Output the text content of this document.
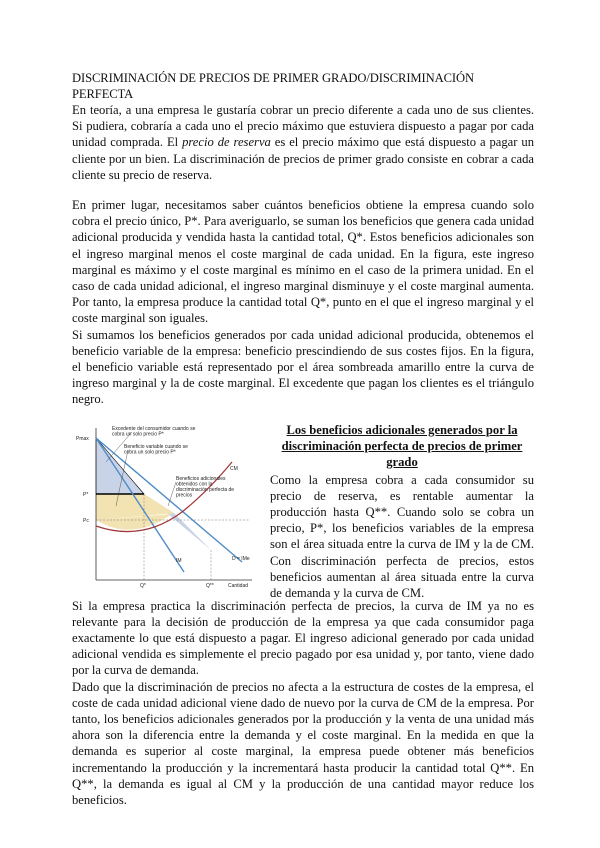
DISCRIMINACIÓN DE PRECIOS DE PRIMER GRADO/DISCRIMINACIÓN PERFECTA

En teoría, a una empresa le gustaría cobrar un precio diferente a cada uno de sus clientes. Si pudiera, cobraría a cada uno el precio máximo que estuviera dispuesto a pagar por cada unidad comprada. El precio de reserva es el precio máximo que está dispuesto a pagar un cliente por un bien. La discriminación de precios de primer grado consiste en cobrar a cada cliente su precio de reserva.

En primer lugar, necesitamos saber cuántos beneficios obtiene la empresa cuando solo cobra el precio único, P*. Para averiguarlo, se suman los beneficios que genera cada unidad adicional producida y vendida hasta la cantidad total, Q*. Estos beneficios adicionales son el ingreso marginal menos el coste marginal de cada unidad. En la figura, este ingreso marginal es máximo y el coste marginal es mínimo en el caso de la primera unidad. En el caso de cada unidad adicional, el ingreso marginal disminuye y el coste marginal aumenta. Por tanto, la empresa produce la cantidad total Q*, punto en el que el ingreso marginal y el coste marginal son iguales.

Si sumamos los beneficios generados por cada unidad adicional producida, obtenemos el beneficio variable de la empresa: beneficio prescindiendo de sus costes fijos. En la figura, el beneficio variable está representado por el área sombreada amarillo entre la curva de ingreso marginal y la de coste marginal. El excedente que pagan los clientes es el triángulo negro.

Pmax
P*
Pc
Q*	Q**	Cantidad
CM
D = IMe
IM
Excedente del consumidor cuando se cobra un solo precio P*
Beneficio variable cuando se cobra un solo precio P*
Beneficios adicionales obtenidos con la discriminación perfecta de precios
Los beneficios adicionales generados por la discriminación perfecta de precios de primer grado

Como la empresa cobra a cada consumidor su precio de reserva, es rentable aumentar la producción hasta Q**. Cuando solo se cobra un precio, P*, los beneficios variables de la empresa son el área situada entre la curva de IM y la de CM. Con discriminación perfecta de precios, estos beneficios aumentan al área situada entre la curva de demanda y la curva de CM.

Si la empresa practica la discriminación perfecta de precios, la curva de IM ya no es relevante para la decisión de producción de la empresa ya que cada consumidor paga exactamente lo que está dispuesto a pagar. El ingreso adicional generado por cada unidad adicional vendida es simplemente el precio pagado por esa unidad y, por tanto, viene dado por la curva de demanda.

Dado que la discriminación de precios no afecta a la estructura de costes de la empresa, el coste de cada unidad adicional viene dado de nuevo por la curva de CM de la empresa. Por tanto, los beneficios adicionales generados por la producción y la venta de una unidad más ahora son la diferencia entre la demanda y el coste marginal. En la medida en que la demanda es superior al coste marginal, la empresa puede obtener más beneficios incrementando la producción y la incrementará hasta producir la cantidad total Q**. En Q**, la demanda es igual al CM y la producción de una cantidad mayor reduce los beneficios.
